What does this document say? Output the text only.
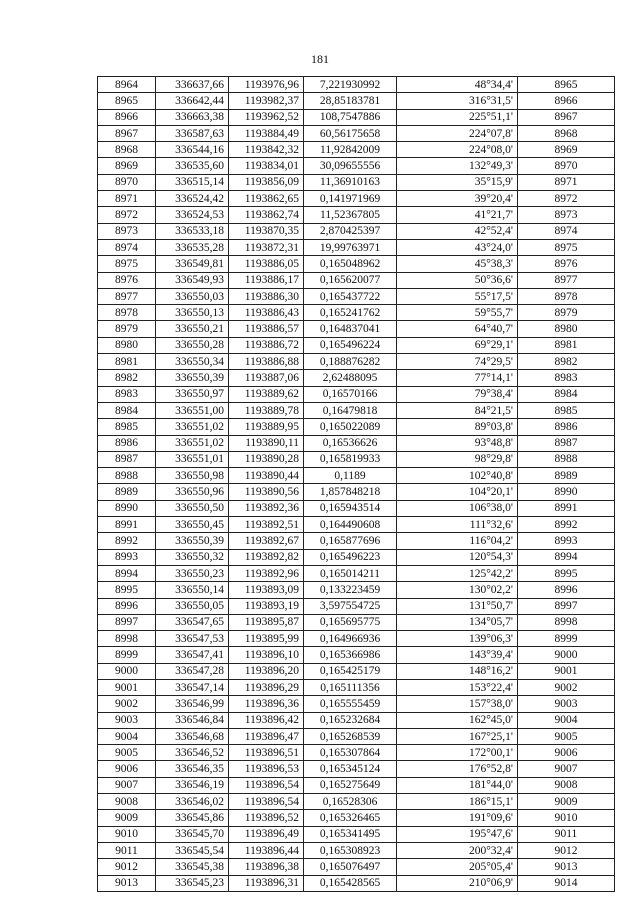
181
8964	336637,66	1193976,96	7,221930992	48°34,4'	8965
8965	336642,44	1193982,37	28,85183781	316°31,5'	8966
8966	336663,38	1193962,52	108,7547886	225°51,1'	8967
8967	336587,63	1193884,49	60,56175658	224°07,8'	8968
8968	336544,16	1193842,32	11,92842009	224°08,0'	8969
8969	336535,60	1193834,01	30,09655556	132°49,3'	8970
8970	336515,14	1193856,09	11,36910163	35°15,9'	8971
8971	336524,42	1193862,65	0,141971969	39°20,4'	8972
8972	336524,53	1193862,74	11,52367805	41°21,7'	8973
8973	336533,18	1193870,35	2,870425397	42°52,4'	8974
8974	336535,28	1193872,31	19,99763971	43°24,0'	8975
8975	336549,81	1193886,05	0,165048962	45°38,3'	8976
8976	336549,93	1193886,17	0,165620077	50°36,6'	8977
8977	336550,03	1193886,30	0,165437722	55°17,5'	8978
8978	336550,13	1193886,43	0,165241762	59°55,7'	8979
8979	336550,21	1193886,57	0,164837041	64°40,7'	8980
8980	336550,28	1193886,72	0,165496224	69°29,1'	8981
8981	336550,34	1193886,88	0,188876282	74°29,5'	8982
8982	336550,39	1193887,06	2,62488095	77°14,1'	8983
8983	336550,97	1193889,62	0,16570166	79°38,4'	8984
8984	336551,00	1193889,78	0,16479818	84°21,5'	8985
8985	336551,02	1193889,95	0,165022089	89°03,8'	8986
8986	336551,02	1193890,11	0,16536626	93°48,8'	8987
8987	336551,01	1193890,28	0,165819933	98°29,8'	8988
8988	336550,98	1193890,44	0,1189	102°40,8'	8989
8989	336550,96	1193890,56	1,857848218	104°20,1'	8990
8990	336550,50	1193892,36	0,165943514	106°38,0'	8991
8991	336550,45	1193892,51	0,164490608	111°32,6'	8992
8992	336550,39	1193892,67	0,165877696	116°04,2'	8993
8993	336550,32	1193892,82	0,165496223	120°54,3'	8994
8994	336550,23	1193892,96	0,165014211	125°42,2'	8995
8995	336550,14	1193893,09	0,133223459	130°02,2'	8996
8996	336550,05	1193893,19	3,597554725	131°50,7'	8997
8997	336547,65	1193895,87	0,165695775	134°05,7'	8998
8998	336547,53	1193895,99	0,164966936	139°06,3'	8999
8999	336547,41	1193896,10	0,165366986	143°39,4'	9000
9000	336547,28	1193896,20	0,165425179	148°16,2'	9001
9001	336547,14	1193896,29	0,165111356	153°22,4'	9002
9002	336546,99	1193896,36	0,165555459	157°38,0'	9003
9003	336546,84	1193896,42	0,165232684	162°45,0'	9004
9004	336546,68	1193896,47	0,165268539	167°25,1'	9005
9005	336546,52	1193896,51	0,165307864	172°00,1'	9006
9006	336546,35	1193896,53	0,165345124	176°52,8'	9007
9007	336546,19	1193896,54	0,165275649	181°44,0'	9008
9008	336546,02	1193896,54	0,16528306	186°15,1'	9009
9009	336545,86	1193896,52	0,165326465	191°09,6'	9010
9010	336545,70	1193896,49	0,165341495	195°47,6'	9011
9011	336545,54	1193896,44	0,165308923	200°32,4'	9012
9012	336545,38	1193896,38	0,165076497	205°05,4'	9013
9013	336545,23	1193896,31	0,165428565	210°06,9'	9014
